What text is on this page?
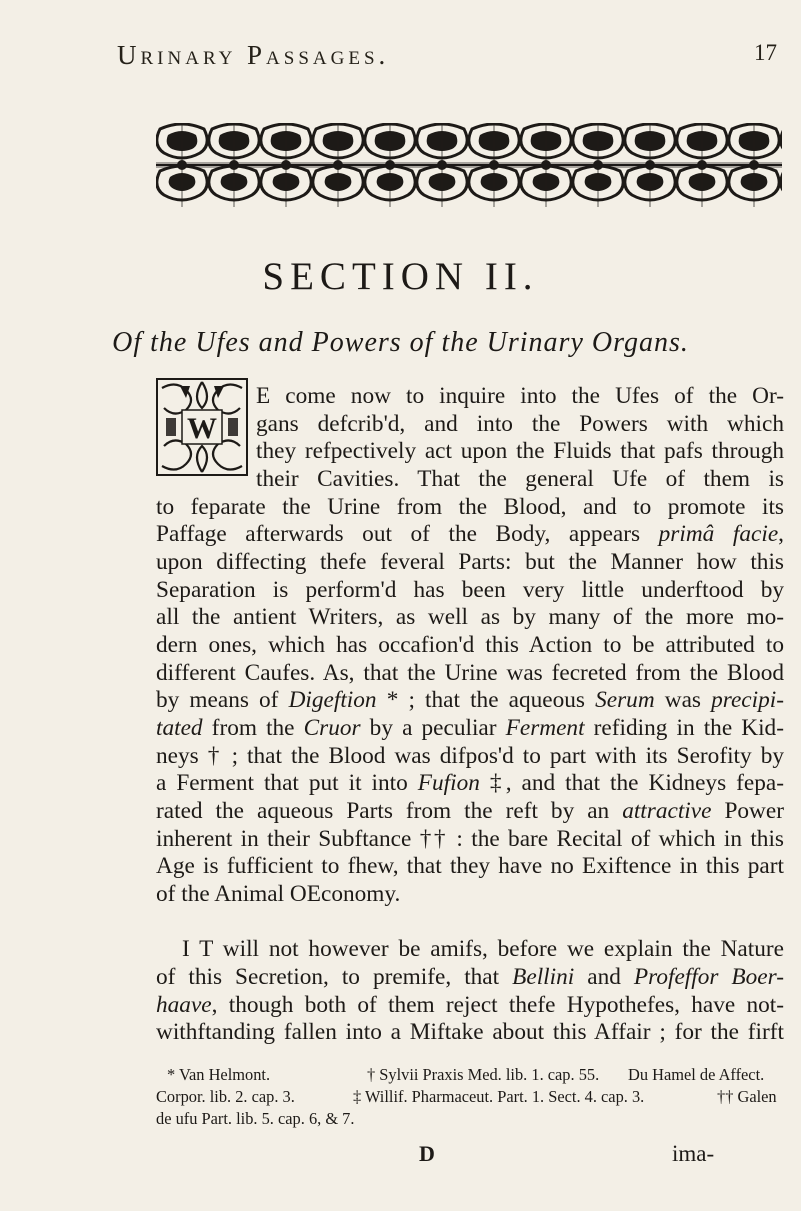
Urinary Passages.	17
SECTION II.
Of the Ufes and Powers of the Urinary Organs.
W
E come now to inquire into the Ufes of the Or-
gans defcrib'd, and into the Powers with which
they refpectively act upon the Fluids that pafs through
their Cavities. That the general Ufe of them is
to feparate the Urine from the Blood, and to promote its
Paffage afterwards out of the Body, appears primâ facie,
upon diffecting thefe feveral Parts: but the Manner how this
Separation is perform'd has been very little underftood by
all the antient Writers, as well as by many of the more mo-
dern ones, which has occafion'd this Action to be attributed to
different Caufes. As, that the Urine was fecreted from the Blood
by means of Digeftion * ; that the aqueous Serum was precipi-
tated from the Cruor by a peculiar Ferment refiding in the Kid-
neys † ; that the Blood was difpos'd to part with its Serofity by
a Ferment that put it into Fufion ‡, and that the Kidneys fepa-
rated the aqueous Parts from the reft by an attractive Power
inherent in their Subftance †† : the bare Recital of which in this
Age is fufficient to fhew, that they have no Exiftence in this part
of the Animal OEconomy.
I T will not however be amifs, before we explain the Nature
of this Secretion, to premife, that Bellini and Profeffor Boer-
haave, though both of them reject thefe Hypothefes, have not-
withftanding fallen into a Miftake about this Affair ; for the firft
* Van Helmont.	† Sylvii Praxis Med. lib. 1. cap. 55. Du Hamel de Affect.
Corpor. lib. 2. cap. 3.	‡ Willif. Pharmaceut. Part. 1. Sect. 4. cap. 3.	†† Galen
de ufu Part. lib. 5. cap. 6, & 7.
D	ima-
